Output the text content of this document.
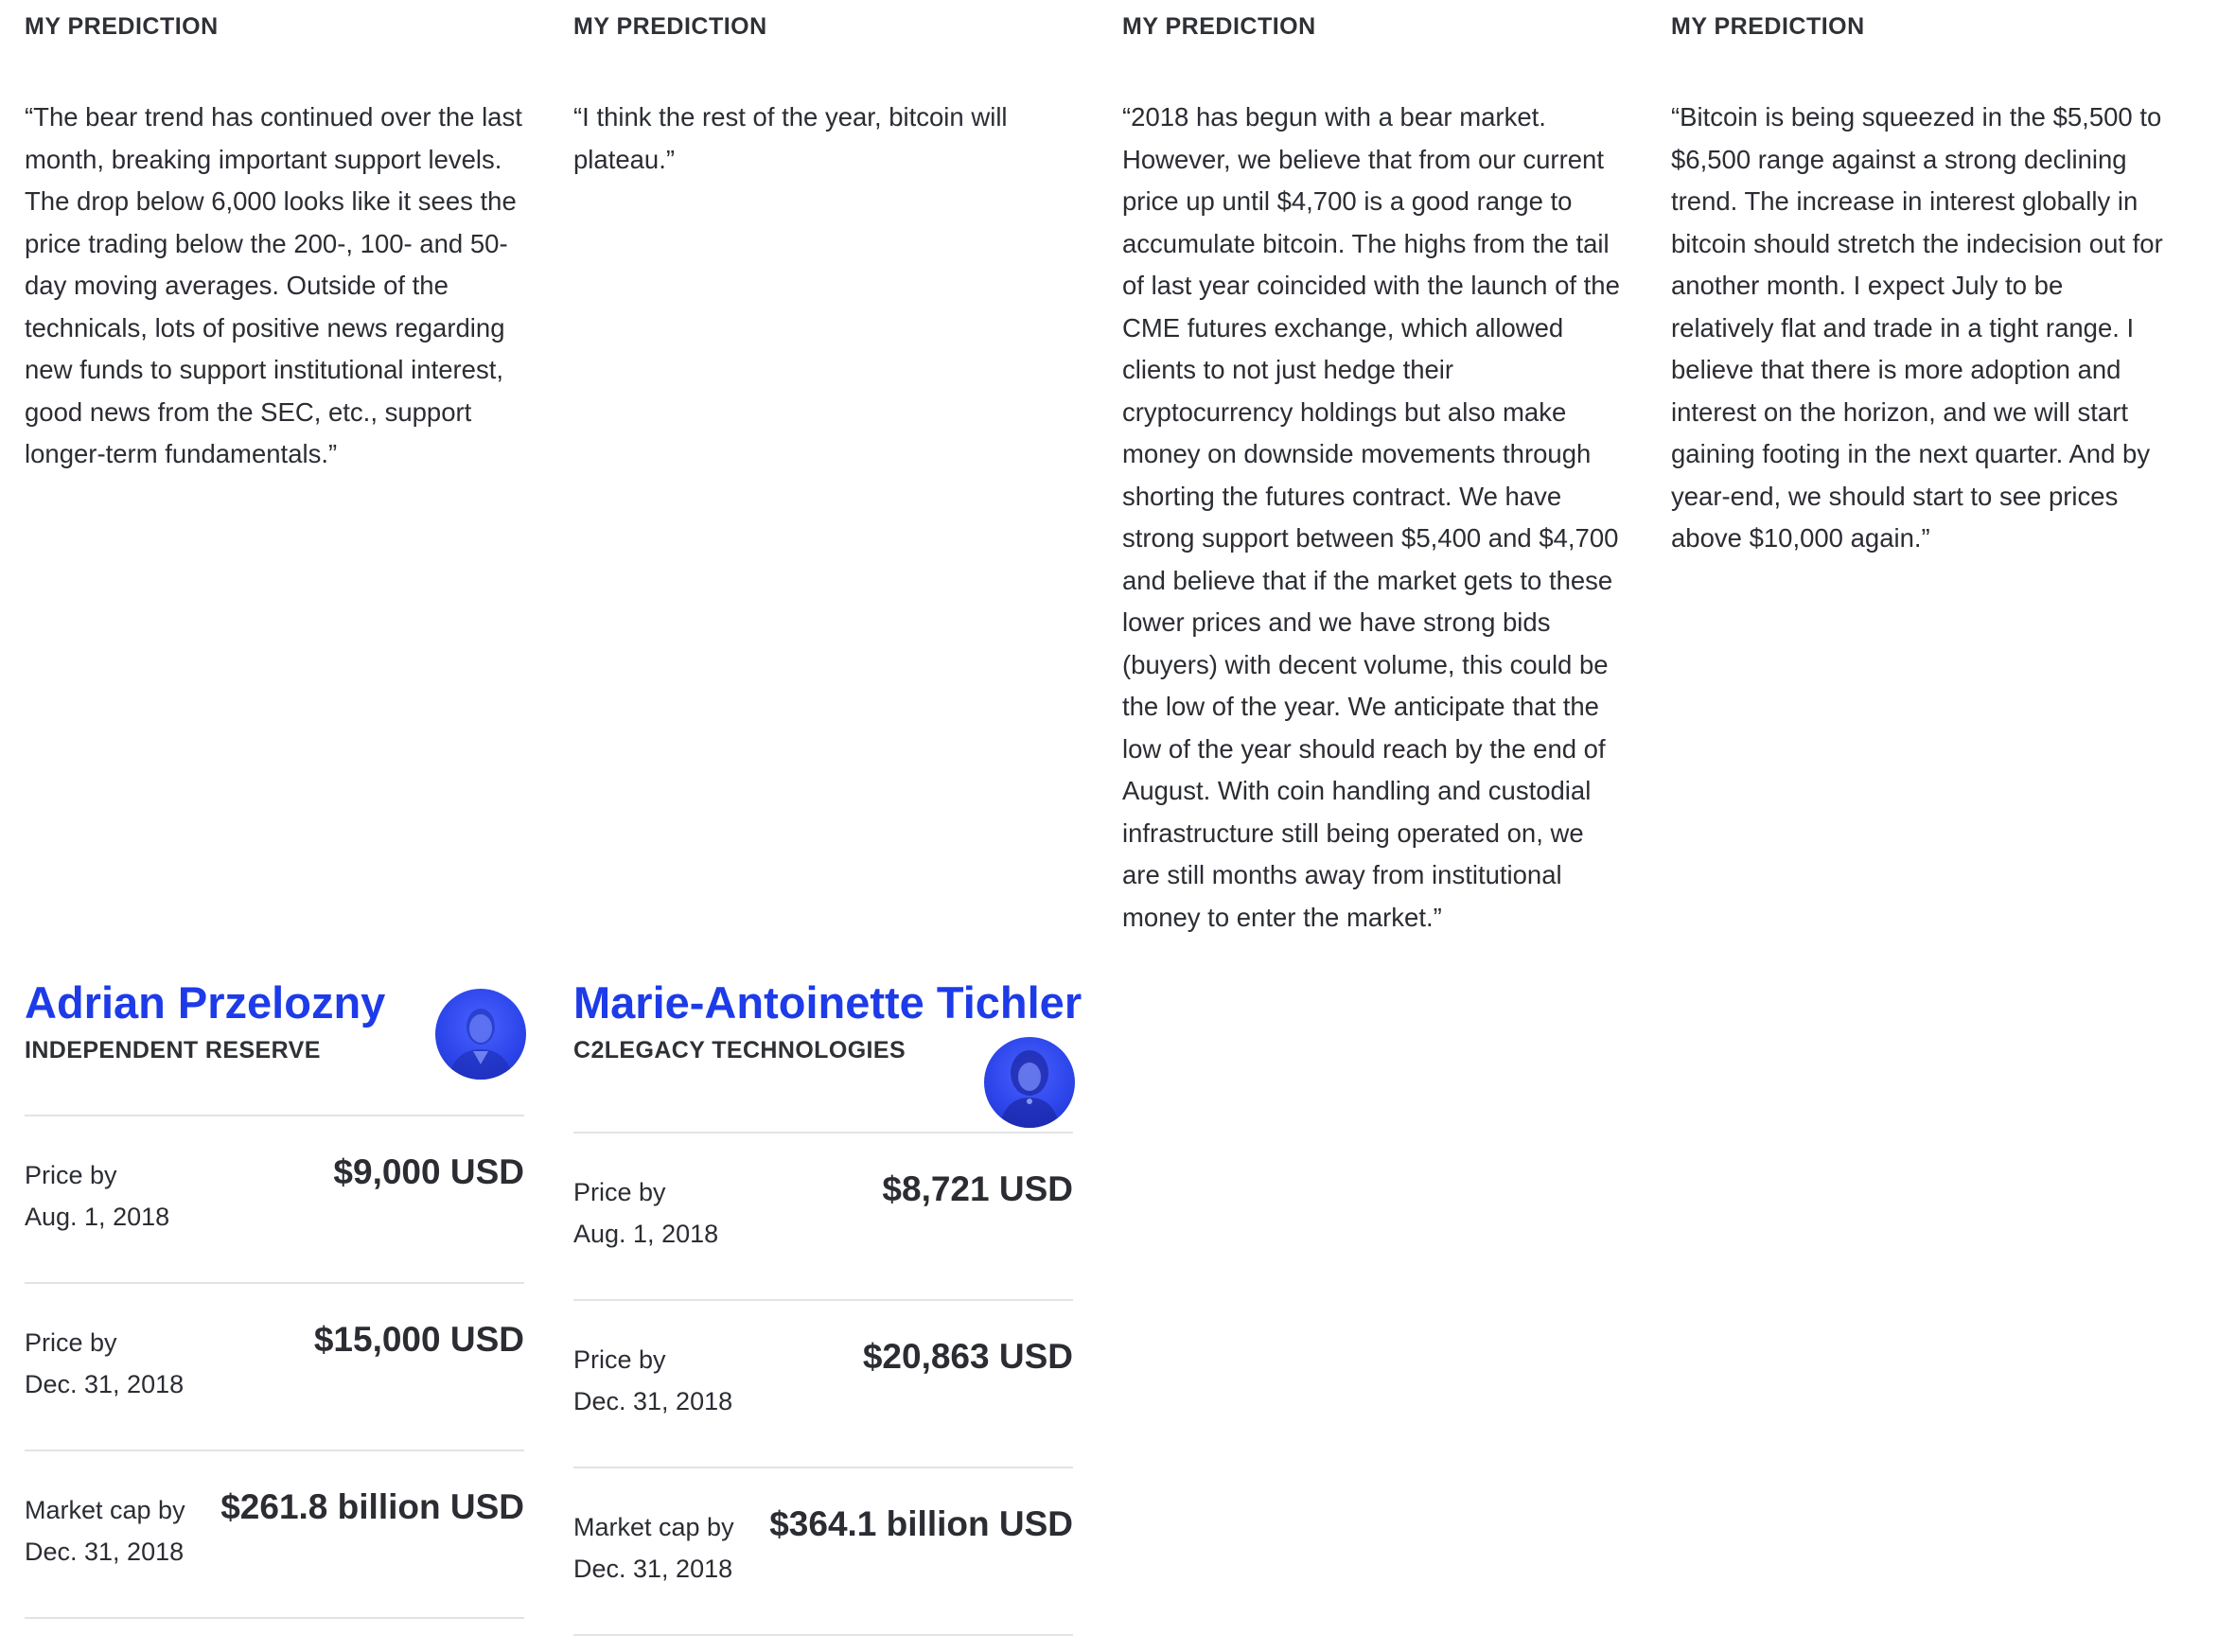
MY PREDICTION
“The bear trend has continued over the last month, breaking important support levels. The drop below 6,000 looks like it sees the price trading below the 200-, 100- and 50-day moving averages. Outside of the technicals, lots of positive news regarding new funds to support institutional interest, good news from the SEC, etc., support longer-term fundamentals.”
MY PREDICTION
“I think the rest of the year, bitcoin will plateau.”
MY PREDICTION
“2018 has begun with a bear market. However, we believe that from our current price up until $4,700 is a good range to accumulate bitcoin. The highs from the tail of last year coincided with the launch of the CME futures exchange, which allowed clients to not just hedge their cryptocurrency holdings but also make money on downside movements through shorting the futures contract. We have strong support between $5,400 and $4,700 and believe that if the market gets to these lower prices and we have strong bids (buyers) with decent volume, this could be the low of the year. We anticipate that the low of the year should reach by the end of August. With coin handling and custodial infrastructure still being operated on, we are still months away from institutional money to enter the market.”
MY PREDICTION
“Bitcoin is being squeezed in the $5,500 to $6,500 range against a strong declining trend. The increase in interest globally in bitcoin should stretch the indecision out for another month. I expect July to be relatively flat and trade in a tight range. I believe that there is more adoption and interest on the horizon, and we will start gaining footing in the next quarter. And by year-end, we should start to see prices above $10,000 again.”
Adrian Przelozny
INDEPENDENT RESERVE
Price by
Aug. 1, 2018
$9,000 USD
Price by
Dec. 31, 2018
$15,000 USD
Market cap by
Dec. 31, 2018
$261.8 billion USD
Marie-Antoinette Tichler
C2LEGACY TECHNOLOGIES
Price by
Aug. 1, 2018
$8,721 USD
Price by
Dec. 31, 2018
$20,863 USD
Market cap by
Dec. 31, 2018
$364.1 billion USD
